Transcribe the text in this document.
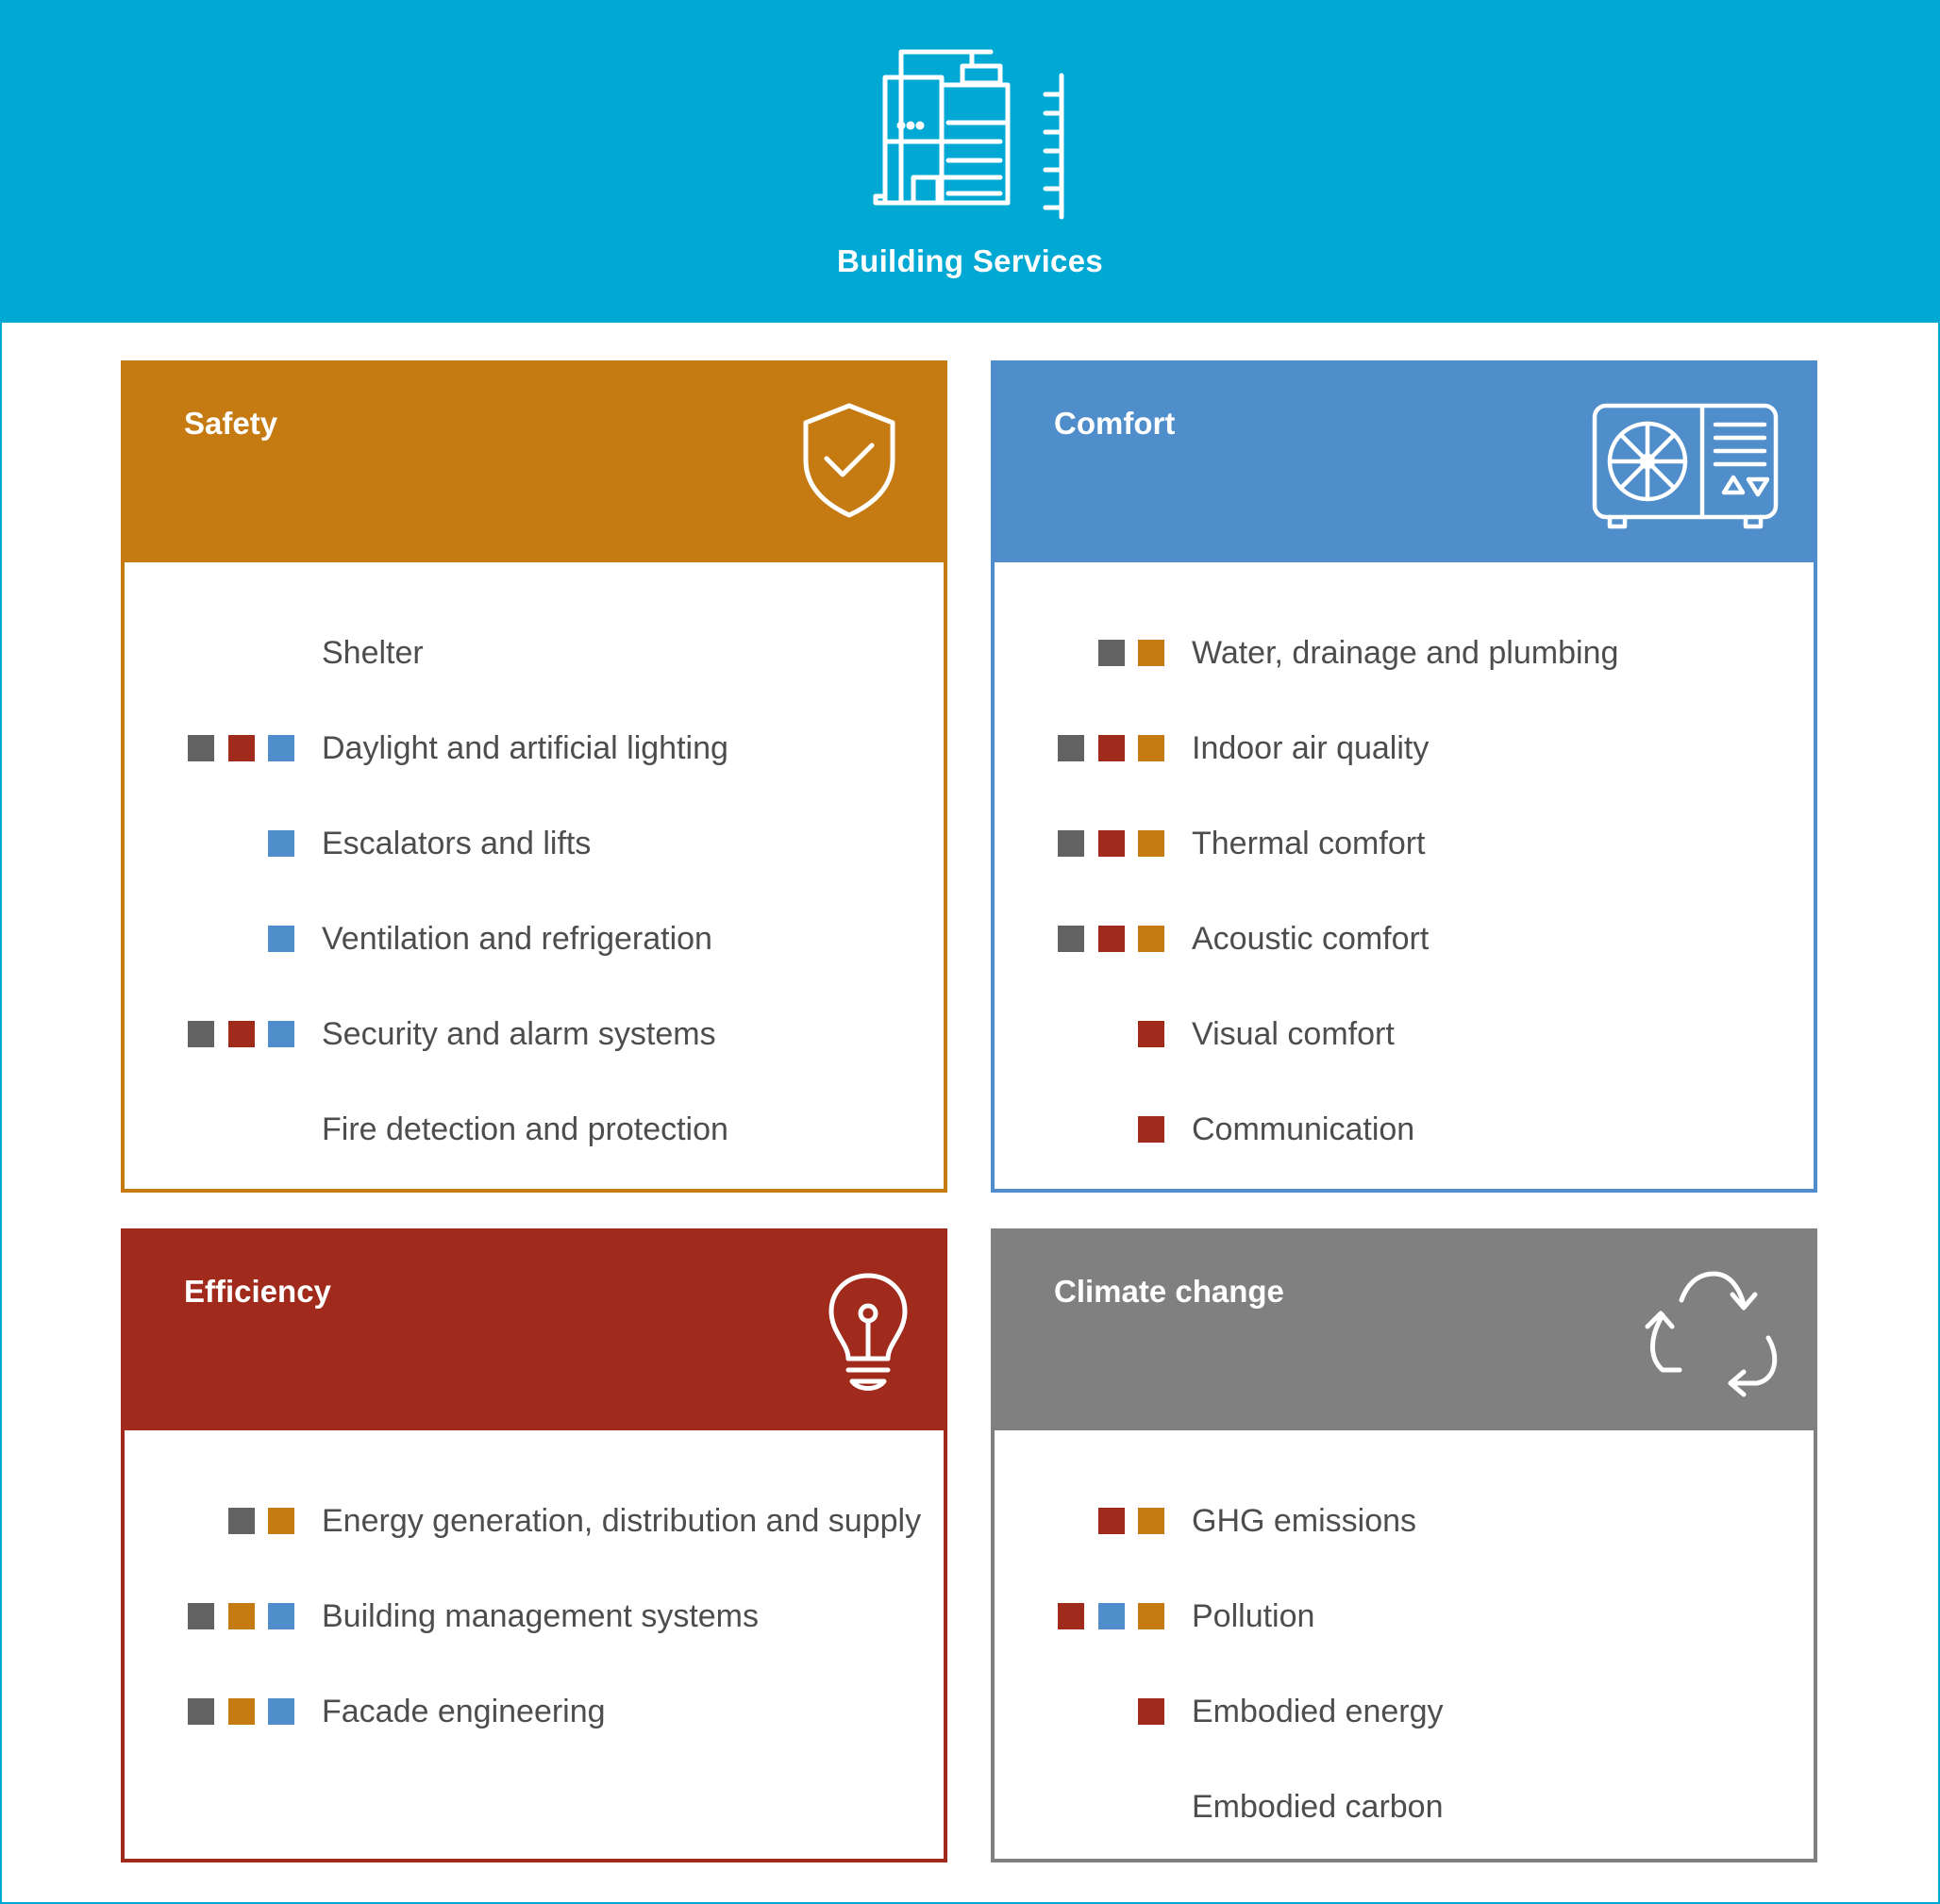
Building Services
Safety
Shelter
Daylight and artificial lighting
Escalators and lifts
Ventilation and refrigeration
Security and alarm systems
Fire detection and protection
Comfort
Water, drainage and plumbing
Indoor air quality
Thermal comfort
Acoustic comfort
Visual comfort
Communication
Efficiency
Energy generation, distribution and supply
Building management systems
Facade engineering
Climate change
GHG emissions
Pollution
Embodied energy
Embodied carbon
